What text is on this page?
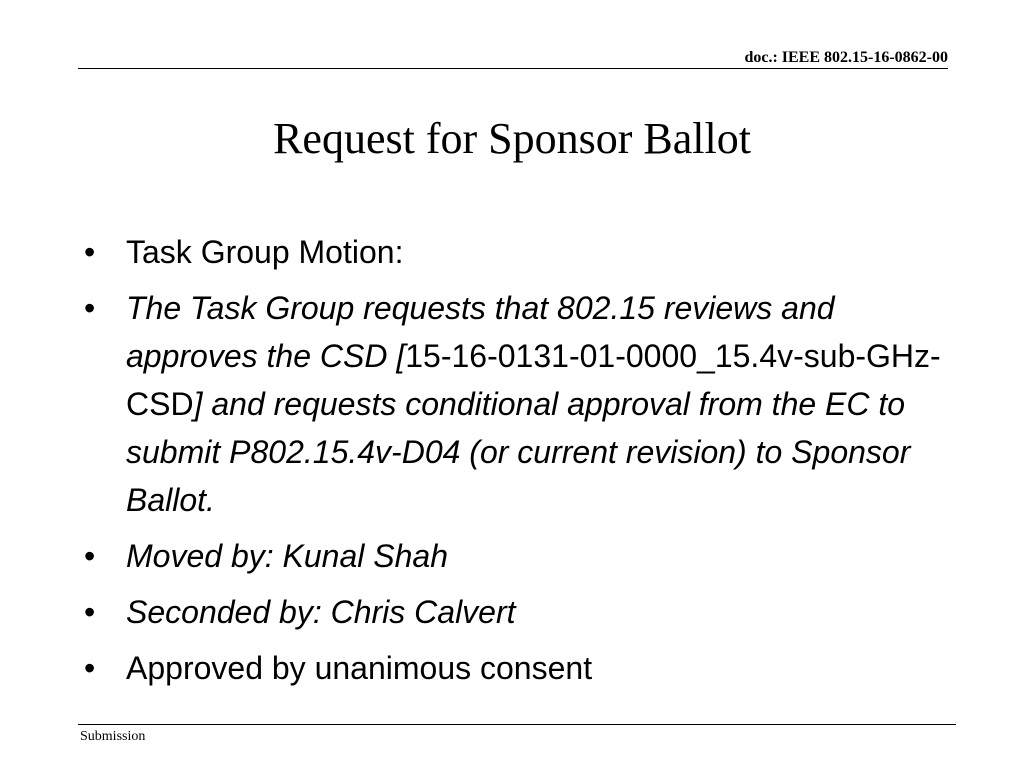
doc.: IEEE 802.15-16-0862-00
Request for Sponsor Ballot
• Task Group Motion:
• The Task Group requests that 802.15 reviews and approves the CSD [15-16-0131-01-0000_15.4v-sub-GHz-CSD] and requests conditional approval from the EC to submit P802.15.4v-D04 (or current revision) to Sponsor Ballot.
• Moved by: Kunal Shah
• Seconded by: Chris Calvert
• Approved by unanimous consent
Submission
